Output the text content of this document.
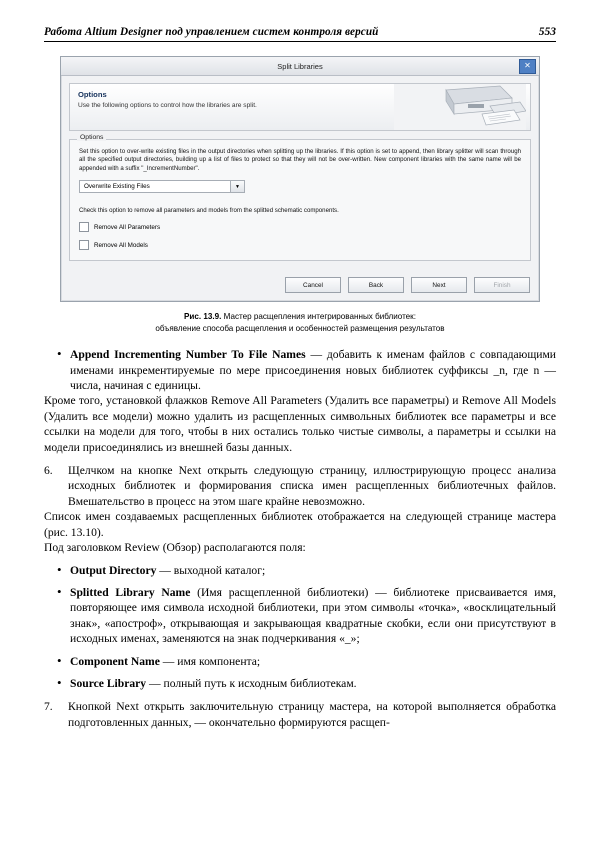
Работа Altium Designer под управлением систем контроля версий	553
Split Libraries	✕
Options
Use the following options to control how the libraries are split.
Options
Set this option to over-write existing files in the output directories when splitting up the libraries. If this option is set to append, then library splitter will scan through all the specified output directories, building up a list of files to protect so that they will not be over-written. New component libraries with the same name will be appended with a suffix "_IncrementNumber".
Overwrite Existing Files	▼
Check this option to remove all parameters and models from the splitted schematic components.
Remove All Parameters
Remove All Models
Cancel	Back	Next	Finish
Рис. 13.9. Мастер расщепления интегрированных библиотек:
объявление способа расщепления и особенностей размещения результатов
• Append Incrementing Number To File Names — добавить к именам файлов с совпадающими именами инкрементируемые по мере присоединения новых библиотек суффиксы _n, где n — числа, начиная с единицы.

Кроме того, установкой флажков Remove All Parameters (Удалить все параметры) и Remove All Models (Удалить все модели) можно удалить из расщепленных символьных библиотек все параметры и все ссылки на модели для того, чтобы в них остались только чистые символы, а параметры и ссылки на модели присоединялись из внешней базы данных.

6.	Щелчком на кнопке Next открыть следующую страницу, иллюстрирующую процесс анализа исходных библиотек и формирования списка имен расщепленных библиотечных файлов. Вмешательство в процесс на этом шаге крайне невозможно.

Список имен создаваемых расщепленных библиотек отображается на следующей странице мастера (рис. 13.10).

Под заголовком Review (Обзор) располагаются поля:

• Output Directory — выходной каталог;
• Splitted Library Name (Имя расщепленной библиотеки) — библиотеке присваивается имя, повторяющее имя символа исходной библиотеки, при этом символы «точка», «восклицательный знак», «апостроф», открывающая и закрывающая квадратные скобки, если они присутствуют в исходных именах, заменяются на знак подчеркивания «_»;
• Component Name — имя компонента;
• Source Library — полный путь к исходным библиотекам.
7.	Кнопкой Next открыть заключительную страницу мастера, на которой выполняется обработка подготовленных данных, — окончательно формируются расщеп-
